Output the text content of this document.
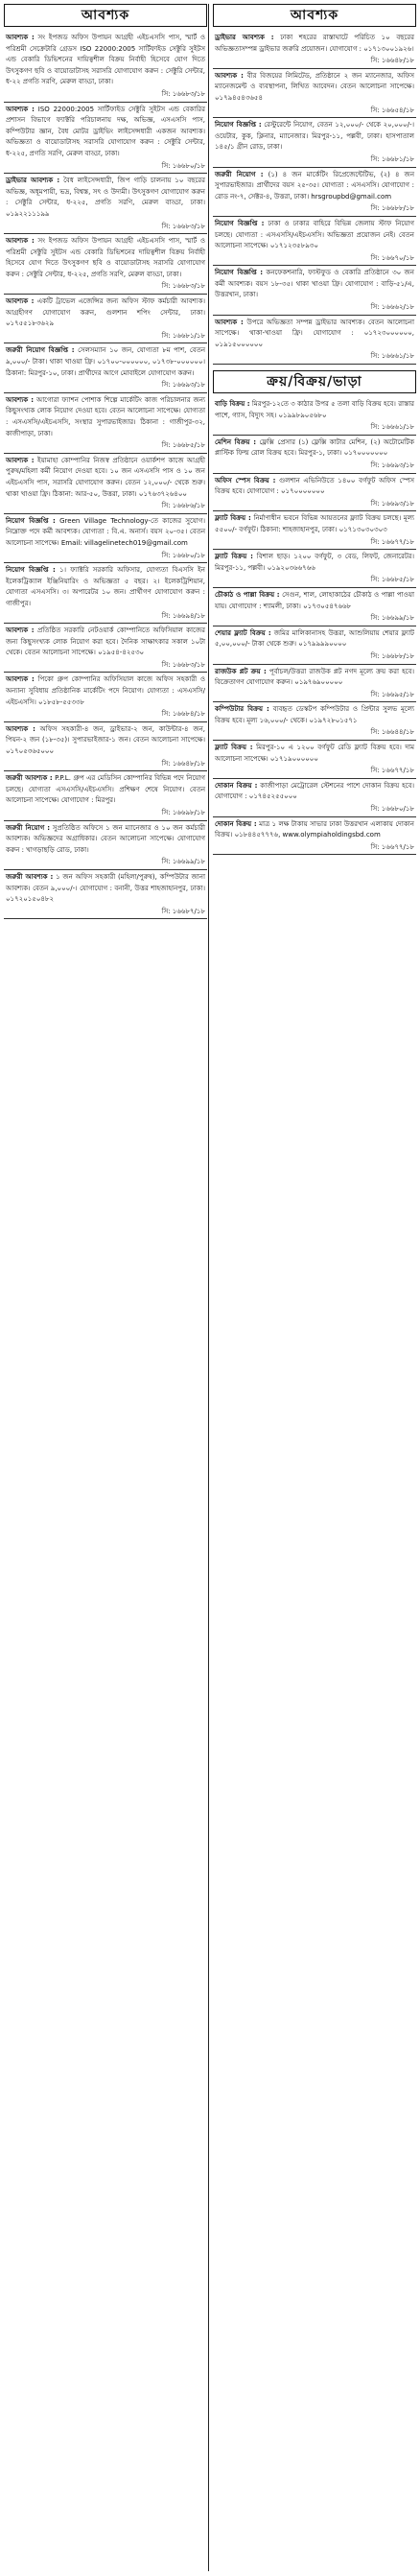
আবশ্যক
আবশ্যক : সং ইপজড অফিস উপায়ন আগ্রহী এইচএসসি পাস, স্মার্ট ও পরিশ্রমী সেক্রেটারি গ্রেডস ISO 22000:2005 সার্টিফাইড সেক্টুরি সুইটস এন্ড বেকারি ডিভিশনের দায়িত্বশীল বিক্রয় নির্বাহী হিসেবে যোগ দিতে উৎসুকগণ ছবি ও বায়োডাটাসহ সরাসরি যোগাযোগ করুন : সেক্টুরি সেন্টার, ধ-২২ প্রগতি সরণি, মেরুল বাড্ডা, ঢাকা।
সি: ১৬৬৮৩/১৮
আবশ্যক : ISO 22000:2005 সার্টিফাইড সেক্টুরি সুইটস এন্ড বেকারির প্রশাসন বিভাগে ফ্যাক্টরি পরিচালনায় দক্ষ, অভিজ্ঞ, এসএসসি পাস, কম্পিউটার জ্ঞান, বৈধ মোটর ড্রাইভিং লাইসেন্সধারী একজন আবশ্যক। অভিজ্ঞতা ও বায়োডাটাসহ সরাসরি যোগাযোগ করুন : সেক্টুরি সেন্টার, ধ-২২৫, প্রগতি সরণি, মেরুল বাড্ডা, ঢাকা।
সি: ১৬৬৮০/১৮
ড্রাইভার আবশ্যক : বৈধ লাইসেন্সধারী, জিপ গাড়ি চালনায় ১০ বছরের অভিজ্ঞ, অধূমপায়ী, ভদ্র, বিশ্বস্ত, সৎ ও উদ্যমী। উৎসুকগণ যোগাযোগ করুন : সেক্টুরি সেন্টার, ধ-২২৫, প্রগতি সরণি, মেরুল বাড্ডা, ঢাকা। ০১৯২২১১১৯৯
সি: ১৬৬৮৩/১৮
আবশ্যক : সং ইপজড অফিস উপায়ন আগ্রহী এইচএসসি পাস, স্মার্ট ও পরিশ্রমী সেক্টুরি সুইটস এন্ড বেকারি ডিভিশনের দায়িত্বশীল বিক্রয় নির্বাহী হিসেবে যোগ দিতে উৎসুকগণ ছবি ও বায়োডাটাসহ সরাসরি যোগাযোগ করুন : সেক্টুরি সেন্টার, ধ-২২৫, প্রগতি সরণি, মেরুল বাড্ডা, ঢাকা।
সি: ১৬৬৮৩/১৮
আবশ্যক : একটি ট্রাভেল এজেন্সির জন্য অফিস স্টাফ কর্মচারী আবশ্যক। আগ্রহীগণ যোগাযোগ করুন, গুলশান শপিং সেন্টার, ঢাকা। ০১৭৫৫১৮৩৬২৯
সি: ১৬৬৮১/১৮
জরুরী নিয়োগ বিজ্ঞপ্তি : সেলসম্যান ১০ জন, যোগ্যতা ৮ম পাশ, বেতন ৯,০০০/- টাকা। থাকা খাওয়া ফ্রি। ০১৭০০-০০০০০০, ০১৭৩৮-০০০০০০। ঠিকানা: মিরপুর-১০, ঢাকা। প্রার্থীদের আগে মোবাইলে যোগাযোগ করুন।
সি: ১৬৬৯৩/১৮
আবশ্যক : আগোরা ফ্যাশন পোশাক শিল্পে মার্কেটিং কাজ পরিচালনার জন্য কিছুসংখ্যক লোক নিয়োগ দেওয়া হবে। বেতন আলোচনা সাপেক্ষে। যোগ্যতা : এসএসসি/এইচএসসি, সংস্থার সুপারভাইজার। ঠিকানা : গাজীপুর-৩২, কাজীপাড়া, ঢাকা।
সি: ১৬৬৮৫/১৮
আবশ্যক : ইয়ামাহা কোম্পানির নিজস্ব প্রতিষ্ঠানে ওয়ার্কশপ কাজে আগ্রহী পুরুষ/মহিলা কর্মী নিয়োগ দেওয়া হবে। ১০ জন এসএসসি পাস ও ১০ জন এইচএসসি পাস, সরাসরি যোগাযোগ করুন। বেতন ১২,০০০/- থেকে শুরু। থাকা খাওয়া ফ্রি। ঠিকানা: আর-৫০, উত্তরা, ঢাকা। ০১৭৬৩৭২৬৪০০
সি: ১৬৬৮৬/১৮
নিয়োগ বিজ্ঞপ্তি : Green Village Technology-তে কাজের সুযোগ। নিম্নোক্ত পদে কর্মী আবশ্যক। যোগ্যতা : বি.এ. অনার্স। বয়স ২০-৩৫। বেতন আলোচনা সাপেক্ষে। Email: villagelinetech019@gmail.com
সি: ১৬৬৮০/১৮
নিয়োগ বিজ্ঞপ্তি : ১। ফ্যাক্টরি সরকারি অফিসার, যোগ্যতা বিএসসি ইন ইলেকট্রিক্যাল ইঞ্জিনিয়ারিং ও অভিজ্ঞতা ৫ বছর। ২। ইলেকট্রিশিয়ান, যোগ্যতা এসএসসি। ৩। অপারেটর ১০ জন। প্রার্থীগণ যোগাযোগ করুন : গাজীপুর।
সি: ১৬৬৯৪/১৮
আবশ্যক : প্রতিষ্ঠিত সরকারি নেটওয়ার্ক কোম্পানিতে অফিসিয়াল কাজের জন্য কিছুসংখ্যক লোক নিয়োগ করা হবে। দৈনিক সাক্ষাৎকার সকাল ১০টা থেকে। বেতন আলোচনা সাপেক্ষে। ০১৯৫৪-৪২৫৩০
সি: ১৬৬৮৩/১৮
আবশ্যক : পিকো গ্রুপ কোম্পানির অফিসিয়াল কাজে অফিস সহকারী ও অন্যান্য সুবিধায় প্রতিষ্ঠানিক মার্কেটিং পদে নিয়োগ। যোগ্যতা : এসএসসি/এইচএসসি। ০১৮৫৮-৫৫৩৩৮
সি: ১৬৬৮৪/১৮
আবশ্যক : অফিস সহকারী-৪ জন, ড্রাইভার-২ জন, কাউন্টার-৪ জন, পিয়ন-২ জন (১৮-৩৫)। সুপারভাইজার-১ জন। বেতন আলোচনা সাপেক্ষে। ০১৭০৫৩৬৫০০০
সি: ১৬৬৪৮/১৮
জরুরী আবশ্যক : P.P.L. গ্রুপ এর মেডিসিন কোম্পানির বিভিন্ন পদে নিয়োগ চলছে। যোগ্যতা এসএসসি/এইচএসসি। প্রশিক্ষণ শেষে নিয়োগ। বেতন আলোচনা সাপেক্ষে। যোগাযোগ : মিরপুর।
সি: ১৬৬৯৮/১৮
জরুরী নিয়োগ : সুপ্রতিষ্ঠিত অফিসে ১ জন ম্যানেজার ও ১০ জন কর্মচারী আবশ্যক। অভিজ্ঞদের অগ্রাধিকার। বেতন আলোচনা সাপেক্ষে। যোগাযোগ করুন : খাগড়াছড়ি রোড, ঢাকা।
সি: ১৬৬৯৯/১৮
জরুরী আবশ্যক : ১ জন অফিস সহকারী (মহিলা/পুরুষ), কম্পিউটার জানা আবশ্যক। বেতন ৯,০০০/-। যোগাযোগ : বনানী, উত্তর শাহজাহানপুর, ঢাকা। ০১৭২০১৫০৪৮২
সি: ১৬৬৮৭/১৮
আবশ্যক
ড্রাইভার আবশ্যক : ঢাকা শহরের রাস্তাঘাটে পরিচিত ১০ বছরের অভিজ্ঞতাসম্পন্ন ড্রাইভার জরুরি প্রয়োজন। যোগাযোগ : ০১৭১৩০০১৯২৬।
সি: ১৬৬৪৮/১৮
আবশ্যক : বীর বিজয়ের লিমিটেড, প্রতিষ্ঠানে ২ জন ম্যানেজার, অফিস ম্যানেজমেন্ট ও ব্যবস্থাপনা, লিখিত আবেদন। বেতন আলোচনা সাপেক্ষে। ০১৭৯৪৫৪৩৬৫৪
সি: ১৬৬৫৪/১৮
নিয়োগ বিজ্ঞপ্তি : রেস্টুরেন্টে নিয়োগ, বেতন ১২,০০০/- থেকে ২০,০০০/-। ওয়েটার, কুক, ক্লিনার, ম্যানেজার। মিরপুর-১১, পল্লবী, ঢাকা। হাসপাতাল ১৪৫/১ গ্রীন রোড, ঢাকা।
সি: ১৬৬৮১/১৮
জরুরী নিয়োগ : (১) ৪ জন মার্কেটিং রিপ্রেজেন্টেটিভ, (২) ৪ জন সুপারভাইজার। প্রার্থীদের বয়স ২৫-৩৫। যোগ্যতা : এসএসসি। যোগাযোগ : রোড নং-৭, সেক্টর-৪, উত্তরা, ঢাকা। hrsgroupbd@gmail.com
সি: ১৬৬৮৮/১৮
নিয়োগ বিজ্ঞপ্তি : ঢাকা ও ঢাকার বাহিরে বিভিন্ন জেলায় স্টাফ নিয়োগ চলছে। যোগ্যতা : এসএসসি/এইচএসসি। অভিজ্ঞতা প্রয়োজন নেই। বেতন আলোচনা সাপেক্ষে। ০১৭১২৩৫৮৯৩০
সি: ১৬৬৭০/১৮
নিয়োগ বিজ্ঞপ্তি : কনফেকশনারি, ফাস্টফুড ও বেকারি প্রতিষ্ঠানে ৩০ জন কর্মী আবশ্যক। বয়স ১৮-৩৫। থাকা খাওয়া ফ্রি। যোগাযোগ : বাড়ি-৫১/এ, উত্তরখান, ঢাকা।
সি: ১৬৬৬২/১৮
আবশ্যক : উপরে অভিজ্ঞতা সম্পন্ন ড্রাইভার আবশ্যক। বেতন আলোচনা সাপেক্ষে। থাকা-খাওয়া ফ্রি। যোগাযোগ : ০১৭২৩০০০০০০, ০১৯১৫০০০০০০
সি: ১৬৬৬১/১৮
ক্রয়/বিক্রয়/ভাড়া
বাড়ি বিক্রয় : মিরপুর-১২তে ৩ কাঠার উপর ৫ তলা বাড়ি বিক্রয় হবে। রাস্তার পাশে, গ্যাস, বিদ্যুৎ সহ। ০১৯৯৮৯০৫৬৮০
সি: ১৬৬৬১/১৮
মেশিন বিক্রয় : ফ্লেক্সি প্রেসার (১) ফ্লেক্সি কাটার মেশিন, (২) অটোমেটিক প্লাস্টিক ফিল্ম রোল বিক্রয় হবে। মিরপুর-১, ঢাকা। ০১৭০০০০০০০
সি: ১৬৬৯৩/১৮
অফিস স্পেস বিক্রয় : গুলশান এভিনিউতে ১৪০০ বর্গফুট অফিস স্পেস বিক্রয় হবে। যোগাযোগ : ০১৭০০০০০০০
সি: ১৬৬৯৩/১৮
ফ্ল্যাট বিক্রয় : নির্মাণাধীন ভবনে বিভিন্ন আয়তনের ফ্ল্যাট বিক্রয় চলছে। মূল্য ৫৫০০/- বর্গফুট। ঠিকানা: শাহজাহানপুর, ঢাকা। ০১৭১৩০৩০৩০৩
সি: ১৬৬৭৭/১৮
ফ্ল্যাট বিক্রয় : বিশাল ছাড়। ১২০০ বর্গফুট, ৩ বেড, লিফট, জেনারেটর। মিরপুর-১১, পল্লবী। ০১৯২০৩৬৬৭৬৬
সি: ১৬৬৮৫/১৮
চৌকাঠ ও পাল্লা বিক্রয় : সেগুন, শাল, লোহাকাঠের চৌকাঠ ও পাল্লা পাওয়া যায়। যোগাযোগ : শ্যামলী, ঢাকা। ০১৭৩০৫৪৭৬৬৮
সি: ১৬৬৯৯/১৮
শেয়ার ফ্ল্যাট বিক্রয় : জমির মালিকানাসহ উত্তরা, আশুলিয়ায় শেয়ার ফ্ল্যাট ৫,০০,০০০/- টাকা থেকে শুরু। ০১৭৯৯৯৯০০০০
সি: ১৬৬৮৮/১৮
রাজউক প্লট ক্রয় : পূর্বাচল/উত্তরা রাজউক প্লট নগদ মূল্যে ক্রয় করা হবে। বিক্রেতাগণ যোগাযোগ করুন। ০১৯৭৬৯০০০০০
সি: ১৬৬৯৫/১৮
কম্পিউটার বিক্রয় : ব্যবহৃত ডেস্কটপ কম্পিউটার ও প্রিন্টার সুলভ মূল্যে বিক্রয় হবে। মূল্য ১৬,০০০/- থেকে। ০১৯৭২৮০১৫৭১
সি: ১৬৬৪৪/১৮
ফ্ল্যাট বিক্রয় : মিরপুর-১০ এ ১২০০ বর্গফুট রেডি ফ্ল্যাট বিক্রয় হবে। দাম আলোচনা সাপেক্ষে। ০১৭১৯০০০০০০
সি: ১৬৬৭৭/১৮
দোকান বিক্রয় : কাজীপাড়া মেট্রোরেল স্টেশনের পাশে দোকান বিক্রয় হবে। যোগাযোগ : ০১৭৪৫২৫৫০০০
সি: ১৬৬৮০/১৮
দোকান বিক্রয় : মাত্র ১ লক্ষ টাকায় সাভার ঢাকা উত্তরখান এলাকায় দোকান বিক্রয়। ০১৮৪৪৫৭৭৭৬, www.olympiaholdingsbd.com
সি: ১৬৬৭৭/১৮
